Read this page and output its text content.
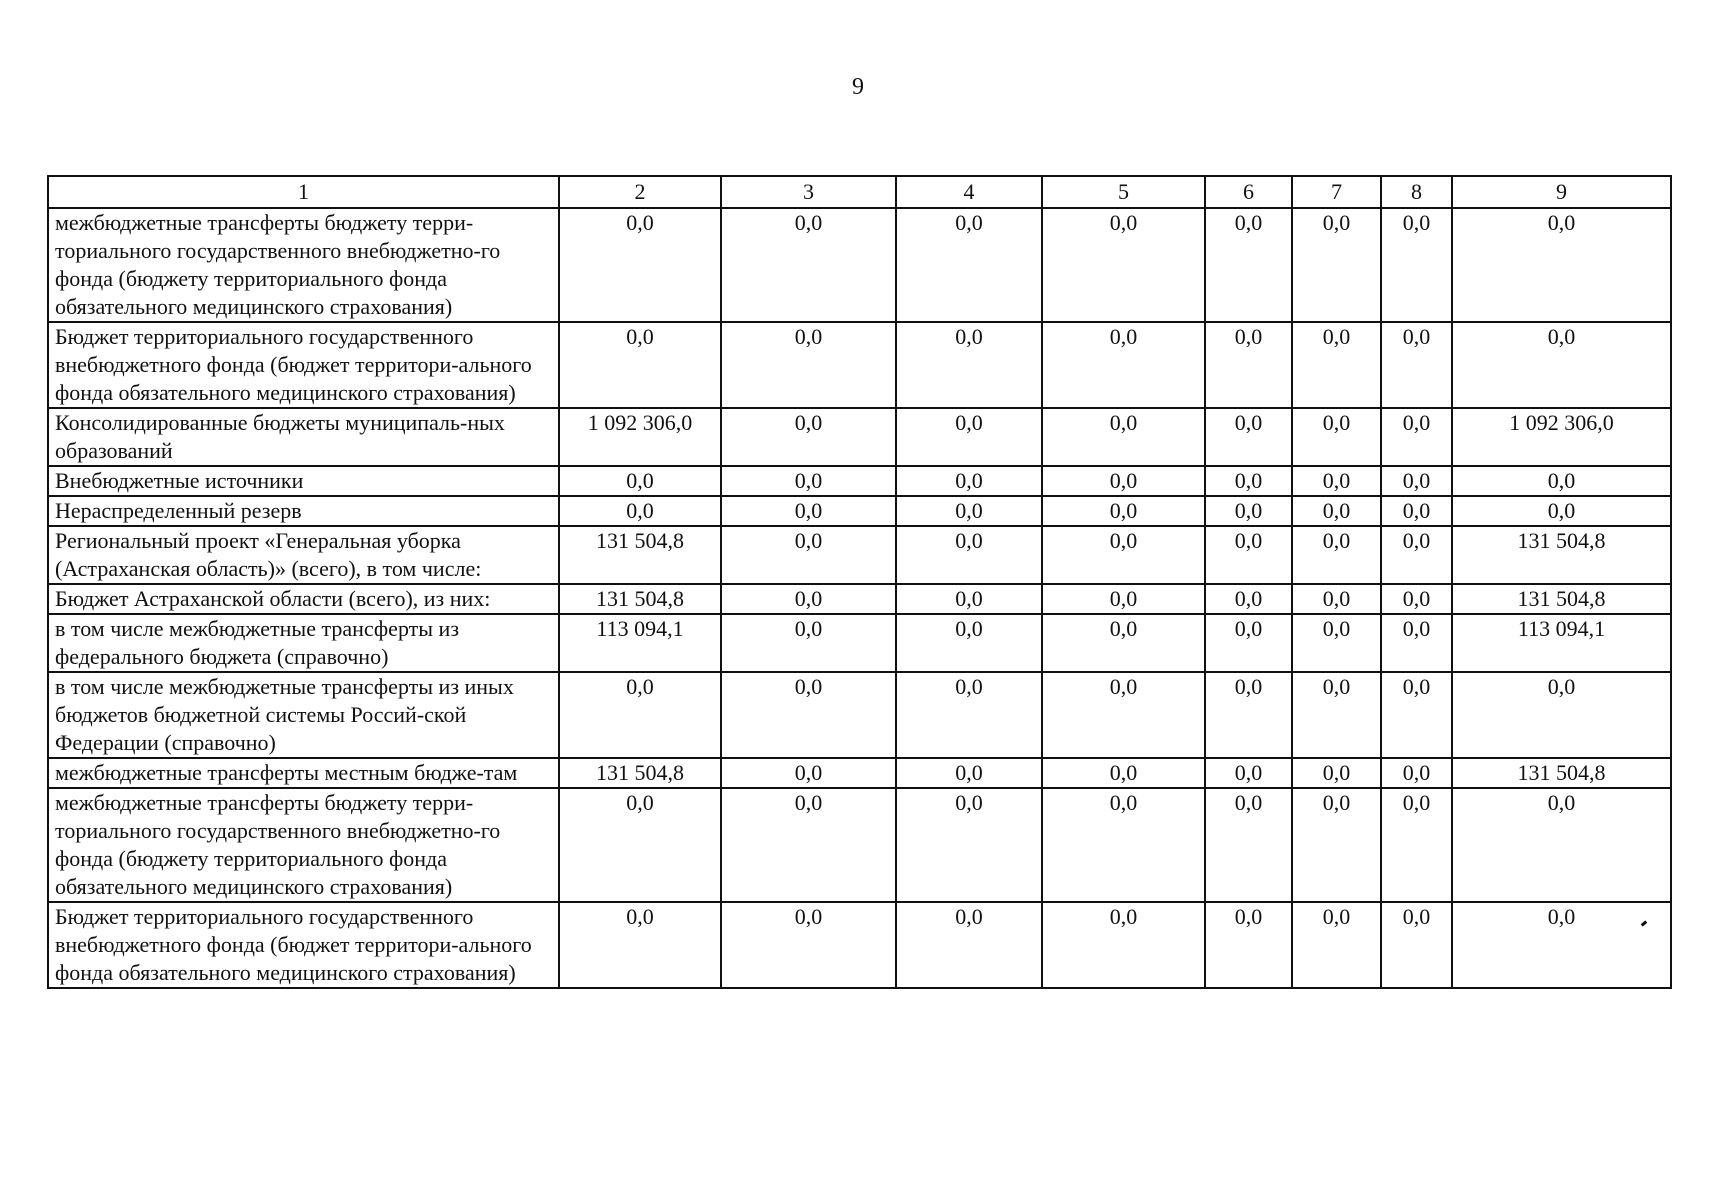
9
1	2	3	4	5	6	7	8	9
межбюджетные трансферты бюджету терри-ториального государственного внебюджетно-го фонда (бюджету территориального фонда обязательного медицинского страхования)	0,0	0,0	0,0	0,0	0,0	0,0	0,0	0,0
Бюджет территориального государственного внебюджетного фонда (бюджет территори-ального фонда обязательного медицинского страхования)	0,0	0,0	0,0	0,0	0,0	0,0	0,0	0,0
Консолидированные бюджеты муниципаль-ных образований	1 092 306,0	0,0	0,0	0,0	0,0	0,0	0,0	1 092 306,0
Внебюджетные источники	0,0	0,0	0,0	0,0	0,0	0,0	0,0	0,0
Нераспределенный резерв	0,0	0,0	0,0	0,0	0,0	0,0	0,0	0,0
Региональный проект «Генеральная уборка (Астраханская область)» (всего), в том числе:	131 504,8	0,0	0,0	0,0	0,0	0,0	0,0	131 504,8
Бюджет Астраханской области (всего), из них:	131 504,8	0,0	0,0	0,0	0,0	0,0	0,0	131 504,8
в том числе межбюджетные трансферты из федерального бюджета (справочно)	113 094,1	0,0	0,0	0,0	0,0	0,0	0,0	113 094,1
в том числе межбюджетные трансферты из иных бюджетов бюджетной системы Россий-ской Федерации (справочно)	0,0	0,0	0,0	0,0	0,0	0,0	0,0	0,0
межбюджетные трансферты местным бюдже-там	131 504,8	0,0	0,0	0,0	0,0	0,0	0,0	131 504,8
межбюджетные трансферты бюджету терри-ториального государственного внебюджетно-го фонда (бюджету территориального фонда обязательного медицинского страхования)	0,0	0,0	0,0	0,0	0,0	0,0	0,0	0,0
Бюджет территориального государственного внебюджетного фонда (бюджет территори-ального фонда обязательного медицинского страхования)	0,0	0,0	0,0	0,0	0,0	0,0	0,0	0,0
